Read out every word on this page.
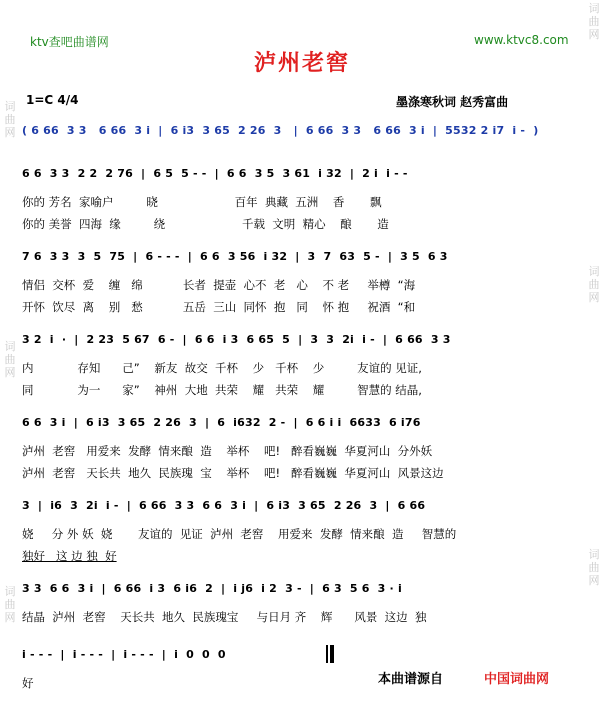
词
曲
网
词
曲
网
词
曲
网
词
曲
网
词
曲
网
词
曲
网
ktv查吧曲谱网	www.ktvc8.com
泸州老窖
1=C 4/4	墨涤寒秋词 赵秀富曲
( 6 66  3 3   6 66  3 i  |  6 i3  3 65  2 26  3   |  6 66  3 3   6 66  3 i  |  5532 2 i7  i -  )
6 6  3 3  2 2  2 76  |  6 5  5 - -  |  6 6  3 5  3 61  i 32  |  2 i  i - -
你的 芳名  家喻户         晓                     百年  典藏  五洲    香       飘
你的 美誉  四海  缘         绕                     千载  文明  精心    酿       造
7 6  3 3  3  5  75  |  6 - - -  |  6 6  3 56  i 32  |  3  7  63  5 -  |  3 5  6 3
情侣  交杯  爱    缠   绵           长者  提壶  心不  老   心    不 老     举樽  “海
开怀  饮尽  离    别   愁           五岳  三山  同怀  抱   同    怀 抱     祝酒  “和
3 2  i  ·  |  2 23  5 67  6 -  |  6 6  i 3  6 65  5  |  3  3  2i  i -  |  6 66  3 3
内            存知      己”    新友  故交  千杯    少   千杯    少         友谊的 见证,
同            为一      家”    神州  大地  共荣    耀   共荣    耀         智慧的 结晶,
6 6  3 i  |  6 i3  3 65  2 26  3  |  6  i632  2 -  |  6 6 i i  6633  6 i76
泸州  老窖   用爱来  发酵  情来酿  造    举杯    吧!   醉看巍巍  华夏河山  分外妖
泸州  老窖   天长共  地久  民族瑰  宝    举杯    吧!   醉看巍巍  华夏河山  风景这边
3  |  i6  3  2i  i -  |  6 66  3 3  6 6  3 i  |  6 i3  3 65  2 26  3  |  6 66
娆     分 外 妖  娆       友谊的  见证  泸州  老窖    用爱来  发酵  情来酿  造     智慧的
独好   这 边 独  好
3 3  6 6  3 i  |  6 66  i 3  6 i6  2  |  i j6  i 2  3 -  |  6 3  5 6  3 · i
结晶  泸州  老窖    天长共  地久  民族瑰宝     与日月 齐    辉      风景  这边  独
i - - -  |  i - - -  |  i - - -  |  i  0  0  0
好	本曲谱源自	中国词曲网
